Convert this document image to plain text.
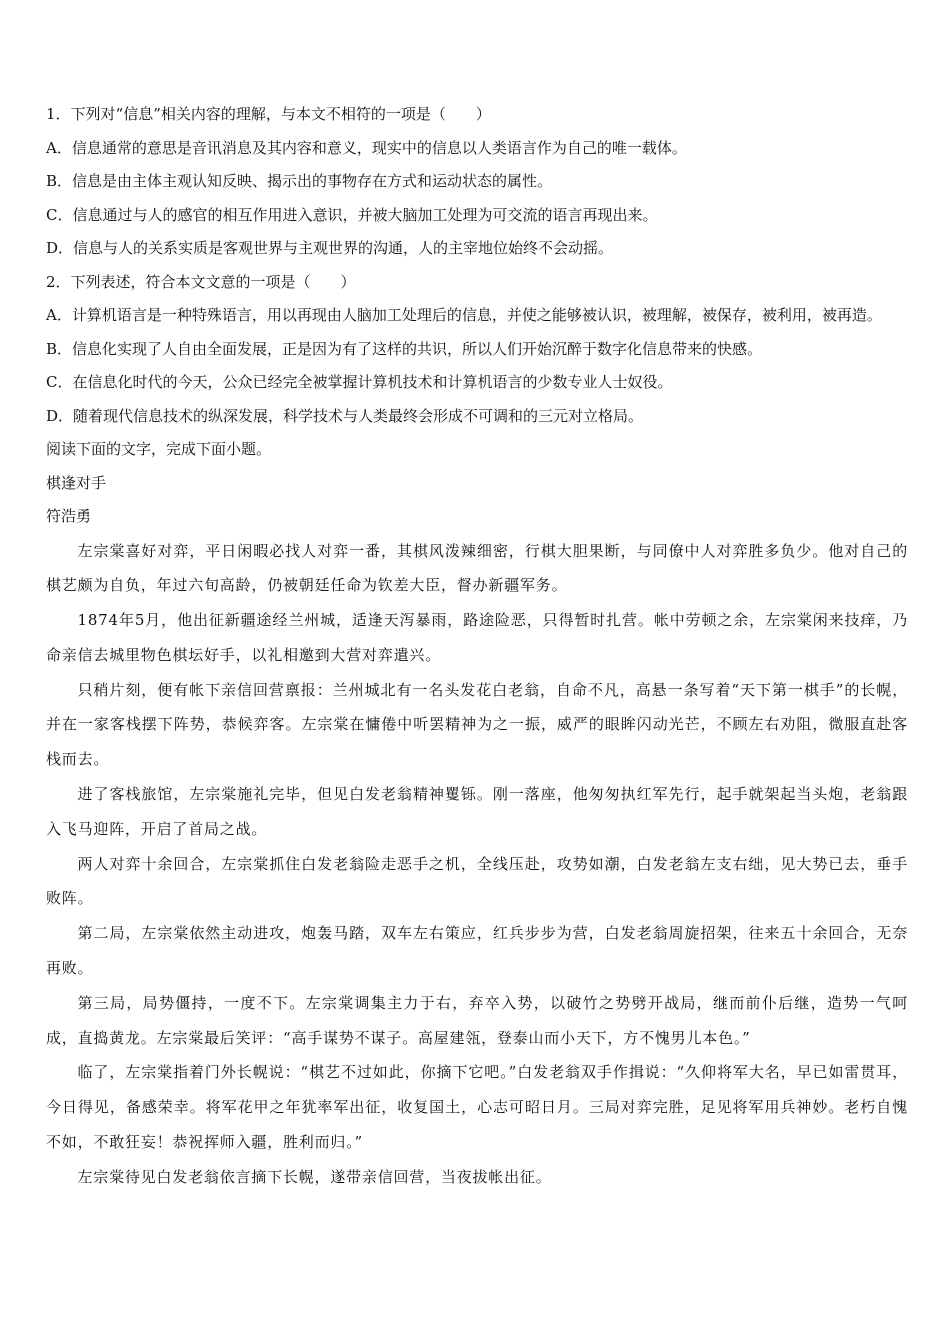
1．下列对“信息”相关内容的理解，与本文不相符的一项是（　　）

A．信息通常的意思是音讯消息及其内容和意义，现实中的信息以人类语言作为自己的唯一载体。

B．信息是由主体主观认知反映、揭示出的事物存在方式和运动状态的属性。

C．信息通过与人的感官的相互作用进入意识，并被大脑加工处理为可交流的语言再现出来。

D．信息与人的关系实质是客观世界与主观世界的沟通，人的主宰地位始终不会动摇。

2．下列表述，符合本文文意的一项是（　　）

A．计算机语言是一种特殊语言，用以再现由人脑加工处理后的信息，并使之能够被认识，被理解，被保存，被利用，被再造。

B．信息化实现了人自由全面发展，正是因为有了这样的共识，所以人们开始沉醉于数字化信息带来的快感。

C．在信息化时代的今天，公众已经完全被掌握计算机技术和计算机语言的少数专业人士奴役。

D．随着现代信息技术的纵深发展，科学技术与人类最终会形成不可调和的三元对立格局。

阅读下面的文字，完成下面小题。

棋逢对手

符浩勇

左宗棠喜好对弈，平日闲暇必找人对弈一番，其棋风泼辣细密，行棋大胆果断，与同僚中人对弈胜多负少。他对自己的棋艺颇为自负，年过六旬高龄，仍被朝廷任命为钦差大臣，督办新疆军务。

1874年5月，他出征新疆途经兰州城，适逢天泻暴雨，路途险恶，只得暂时扎营。帐中劳顿之余，左宗棠闲来技痒，乃命亲信去城里物色棋坛好手，以礼相邀到大营对弈遣兴。

只稍片刻，便有帐下亲信回营禀报：兰州城北有一名头发花白老翁，自命不凡，高悬一条写着“天下第一棋手”的长幌，并在一家客栈摆下阵势，恭候弈客。左宗棠在慵倦中听罢精神为之一振，威严的眼眸闪动光芒，不顾左右劝阻，微服直赴客栈而去。

进了客栈旅馆，左宗棠施礼完毕，但见白发老翁精神矍铄。刚一落座，他匆匆执红军先行，起手就架起当头炮，老翁跟入飞马迎阵，开启了首局之战。

两人对弈十余回合，左宗棠抓住白发老翁险走恶手之机，全线压赴，攻势如潮，白发老翁左支右绌，见大势已去，垂手败阵。

第二局，左宗棠依然主动进攻，炮轰马踏，双车左右策应，红兵步步为营，白发老翁周旋招架，往来五十余回合，无奈再败。

第三局，局势僵持，一度不下。左宗棠调集主力于右，弃卒入势，以破竹之势劈开战局，继而前仆后继，造势一气呵成，直捣黄龙。左宗棠最后笑评：“高手谋势不谋子。高屋建瓴，登泰山而小天下，方不愧男儿本色。”

临了，左宗棠指着门外长幌说：“棋艺不过如此，你摘下它吧。”白发老翁双手作揖说：“久仰将军大名，早已如雷贯耳，今日得见，备感荣幸。将军花甲之年犹率军出征，收复国土，心志可昭日月。三局对弈完胜，足见将军用兵神妙。老朽自愧不如，不敢狂妄！恭祝挥师入疆，胜利而归。”

左宗棠待见白发老翁依言摘下长幌，遂带亲信回营，当夜拔帐出征。
